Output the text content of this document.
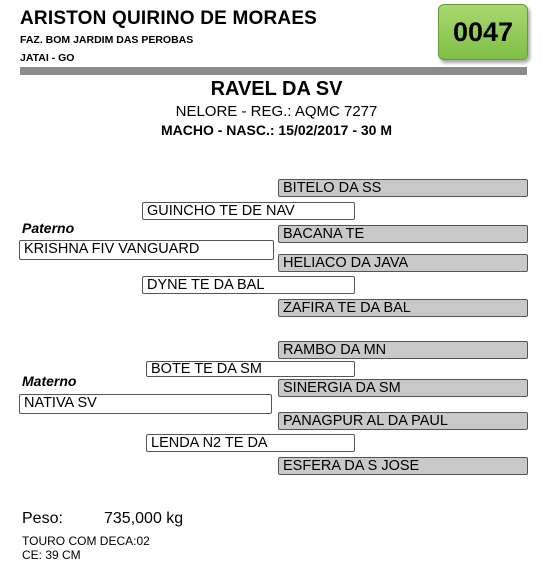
ARISTON QUIRINO DE MORAES
FAZ. BOM JARDIM DAS PEROBAS
JATAI - GO
0047
RAVEL DA SV
NELORE - REG.: AQMC 7277
MACHO - NASC.: 15/02/2017 - 30 M
BITELO DA SS
GUINCHO TE DE NAV
Paterno	BACANA TE
KRISHNA FIV VANGUARD
HELIACO DA JAVA
DYNE TE DA BAL
ZAFIRA TE DA BAL
RAMBO DA MN
BOTE TE DA SM
Materno	SINERGIA DA SM
NATIVA SV
PANAGPUR AL DA PAUL
LENDA N2 TE DA
ESFERA DA S JOSE
Peso:	735,000 kg
TOURO COM DECA:02
CE: 39 CM
